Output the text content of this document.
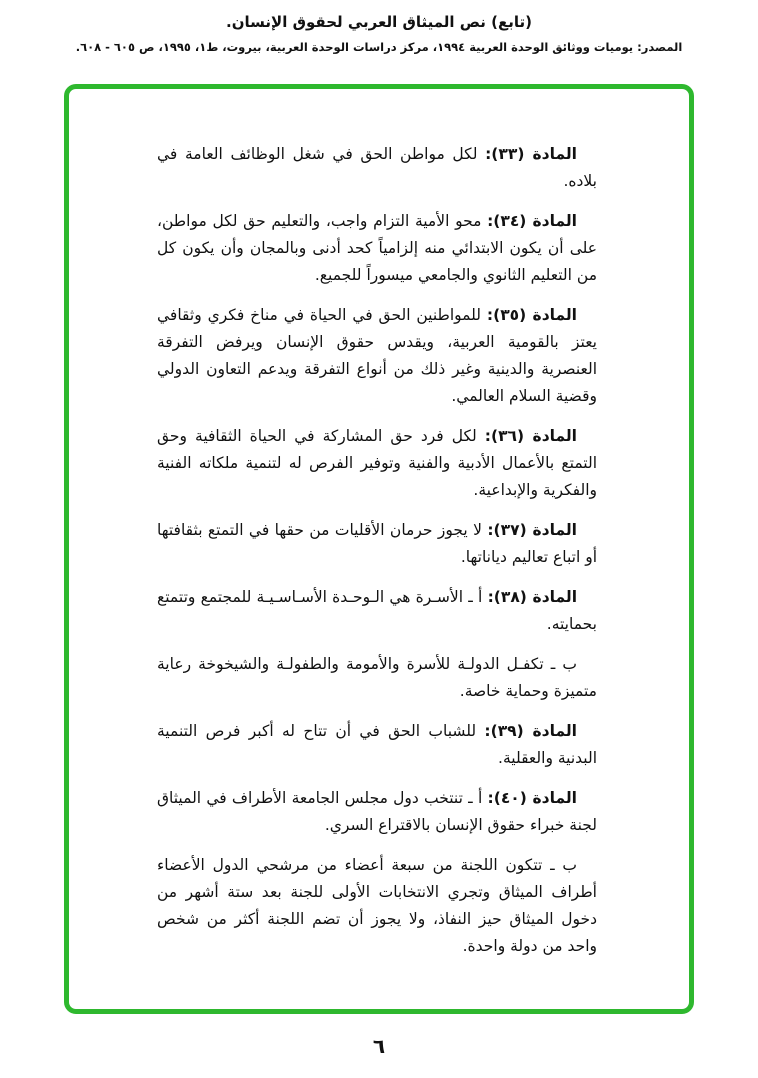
(تابع) نص الميثاق العربي لحقوق الإنسان.
المصدر: يوميات ووثائق الوحدة العربية ١٩٩٤، مركز دراسات الوحدة العربية، بيروت، ط١، ١٩٩٥، ص ٦٠٥ - ٦٠٨.

المادة (٣٣): لكل مواطن الحق في شغل الوظائف العامة في بلاده.

المادة (٣٤): محو الأمية التزام واجب، والتعليم حق لكل مواطن، على أن يكون الابتدائي منه إلزامياً كحد أدنى وبالمجان وأن يكون كل من التعليم الثانوي والجامعي ميسوراً للجميع.

المادة (٣٥): للمواطنين الحق في الحياة في مناخ فكري وثقافي يعتز بالقومية العربية، ويقدس حقوق الإنسان ويرفض التفرقة العنصرية والدينية وغير ذلك من أنواع التفرقة ويدعم التعاون الدولي وقضية السلام العالمي.

المادة (٣٦): لكل فرد حق المشاركة في الحياة الثقافية وحق التمتع بالأعمال الأدبية والفنية وتوفير الفرص له لتنمية ملكاته الفنية والفكرية والإبداعية.

المادة (٣٧): لا يجوز حرمان الأقليات من حقها في التمتع بثقافتها أو اتباع تعاليم دياناتها.

المادة (٣٨): أ ـ الأسـرة هي الـوحـدة الأسـاسـيـة للمجتمع وتتمتع بحمايته.

ب ـ تكفـل الدولـة للأسرة والأمومة والطفولـة والشيخوخة رعاية متميزة وحماية خاصة.

المادة (٣٩): للشباب الحق في أن تتاح له أكبر فرص التنمية البدنية والعقلية.

المادة (٤٠): أ ـ تنتخب دول مجلس الجامعة الأطراف في الميثاق لجنة خبراء حقوق الإنسان بالاقتراع السري.

ب ـ تتكون اللجنة من سبعة أعضاء من مرشحي الدول الأعضاء أطراف الميثاق وتجري الانتخابات الأولى للجنة بعد ستة أشهر من دخول الميثاق حيز النفاذ، ولا يجوز أن تضم اللجنة أكثر من شخص واحد من دولة واحدة.

٦
